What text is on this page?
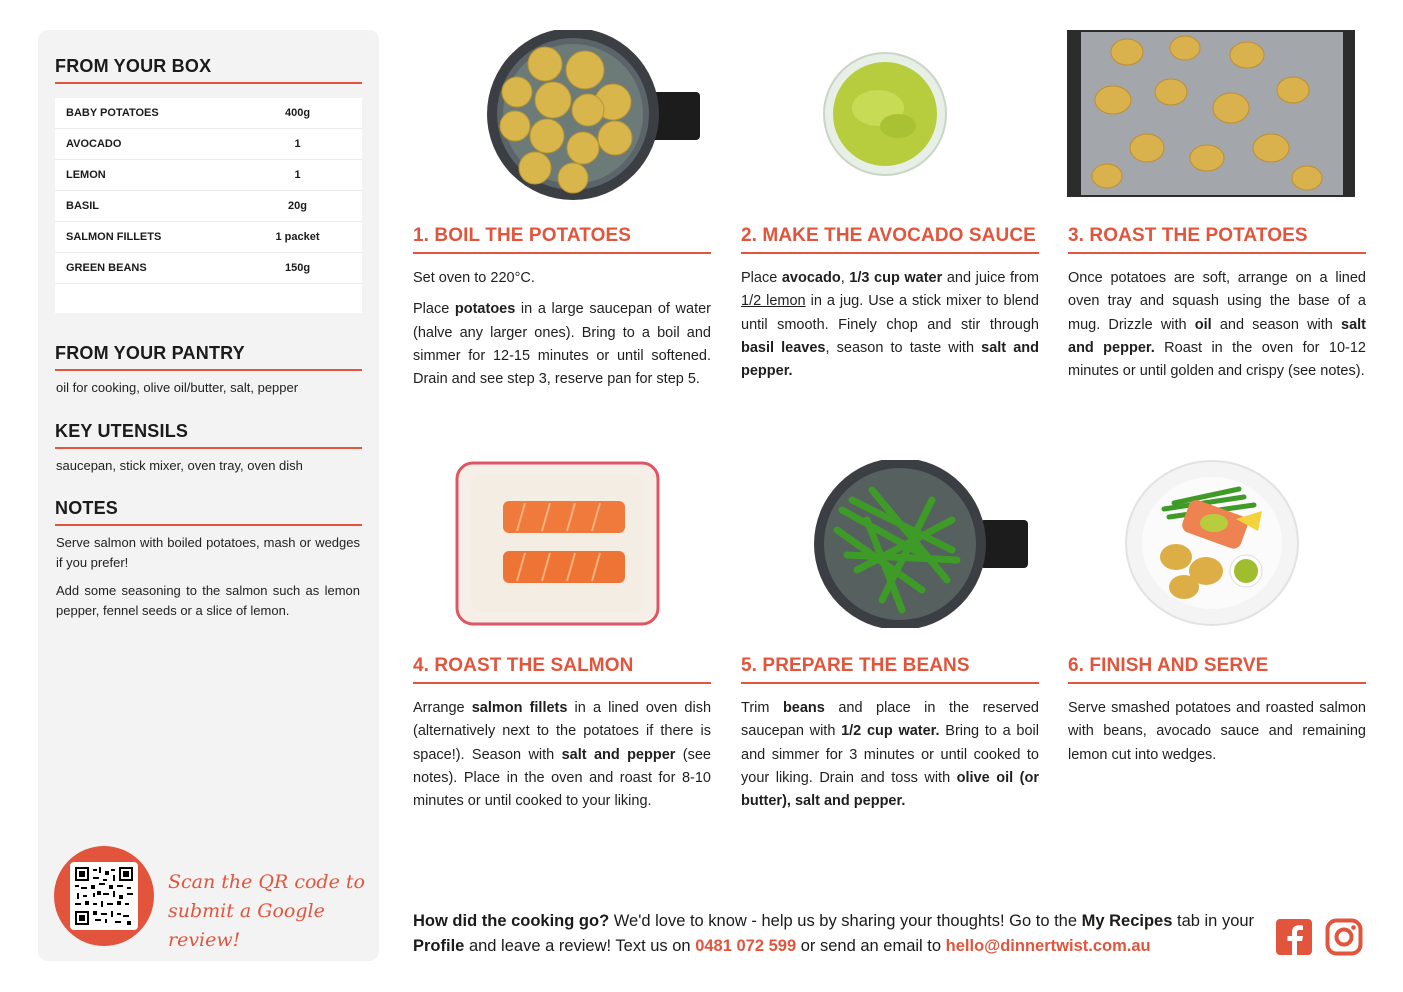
FROM YOUR BOX
BABY POTATOES	400g
AVOCADO	1
LEMON	1
BASIL	20g
SALMON FILLETS	1 packet
GREEN BEANS	150g
FROM YOUR PANTRY
oil for cooking, olive oil/butter, salt, pepper
KEY UTENSILS
saucepan, stick mixer, oven tray, oven dish
NOTES
Serve salmon with boiled potatoes, mash or wedges if you prefer!
Add some seasoning to the salmon such as lemon pepper, fennel seeds or a slice of lemon.
Scan the QR code to
submit a Google review!
1. BOIL THE POTATOES

Set oven to 220°C.

Place potatoes in a large saucepan of water (halve any larger ones). Bring to a boil and simmer for 12-15 minutes or until softened. Drain and see step 3, reserve pan for step 5.

2. MAKE THE AVOCADO SAUCE

Place avocado, 1/3 cup water and juice from 1/2 lemon in a jug. Use a stick mixer to blend until smooth. Finely chop and stir through basil leaves, season to taste with salt and pepper.

3. ROAST THE POTATOES

Once potatoes are soft, arrange on a lined oven tray and squash using the base of a mug. Drizzle with oil and season with salt and pepper. Roast in the oven for 10-12 minutes or until golden and crispy (see notes).

4. ROAST THE SALMON

Arrange salmon fillets in a lined oven dish (alternatively next to the potatoes if there is space!). Season with salt and pepper (see notes). Place in the oven and roast for 8-10 minutes or until cooked to your liking.

5. PREPARE THE BEANS

Trim beans and place in the reserved saucepan with 1/2 cup water. Bring to a boil and simmer for 3 minutes or until cooked to your liking. Drain and toss with olive oil (or butter), salt and pepper.

6. FINISH AND SERVE

Serve smashed potatoes and roasted salmon with beans, avocado sauce and remaining lemon cut into wedges.

How did the cooking go? We'd love to know - help us by sharing your thoughts! Go to the My Recipes tab in your Profile and leave a review! Text us on 0481 072 599 or send an email to hello@dinnertwist.com.au
